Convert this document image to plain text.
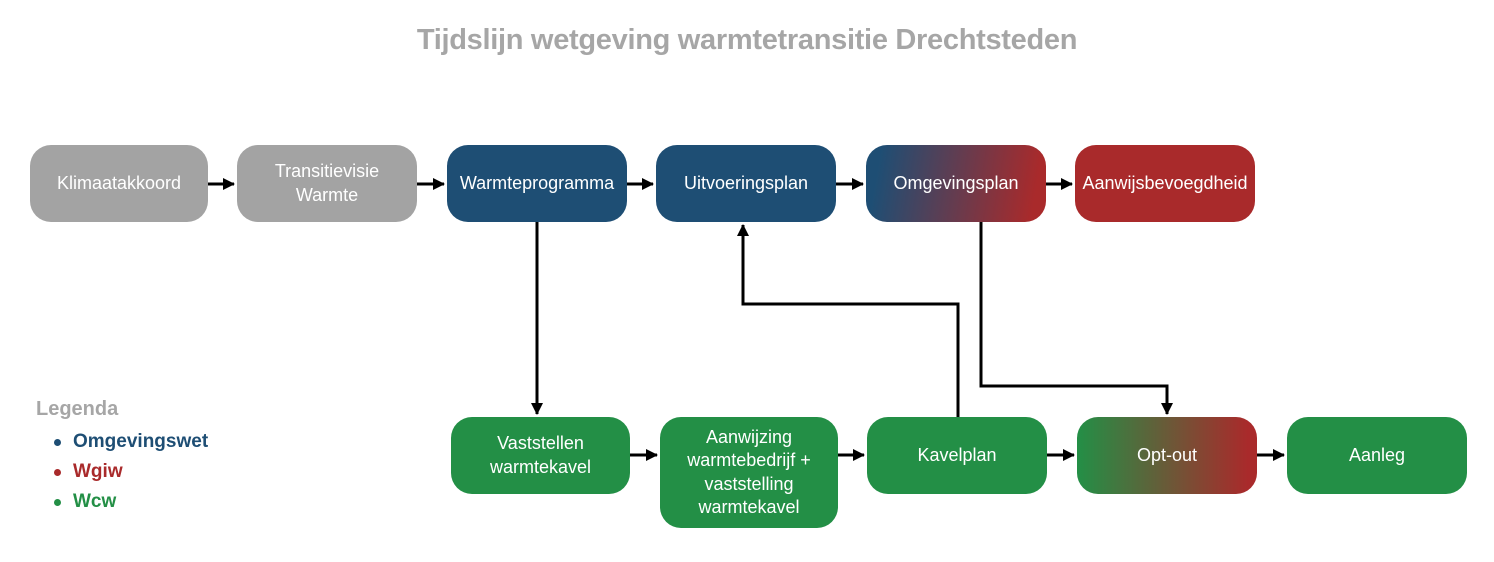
Tijdslijn wetgeving warmtetransitie Drechtsteden
Klimaatakkoord
Transitievisie Warmte
Warmteprogramma	Uitvoeringsplan	Omgevingsplan	Aanwijsbevoegdheid
Vaststellen warmtekavel
Aanwijzing warmtebedrijf + vaststelling warmtekavel
Kavelplan	Opt-out	Aanleg
Legenda
Omgevingswet
Wgiw
Wcw
